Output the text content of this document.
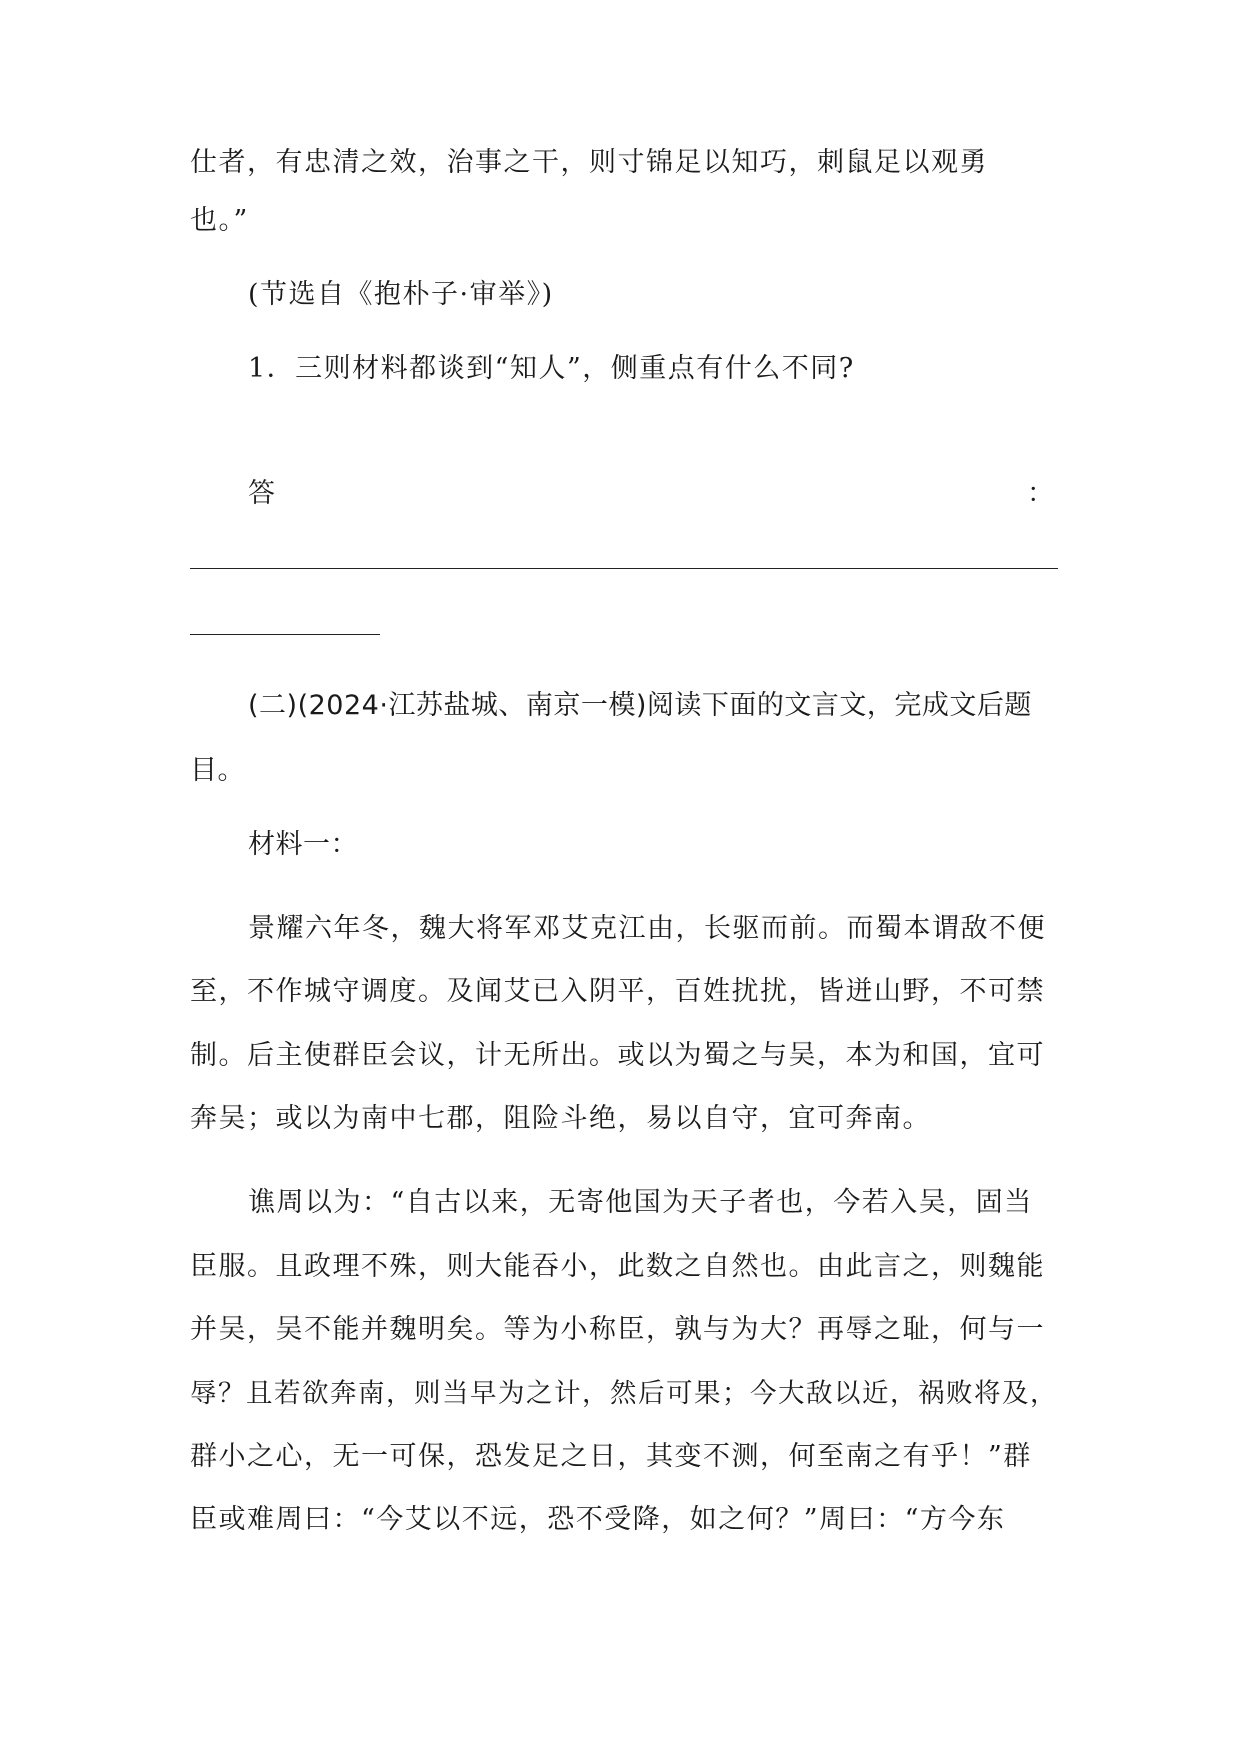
仕者，有忠清之效，治事之干，则寸锦足以知巧，刺鼠足以观勇
也。”
(节选自《抱朴子·审举》)
1．三则材料都谈到“知人”，侧重点有什么不同?
答	：
(二)(2024·江苏盐城、南京一模)阅读下面的文言文，完成文后题
目。
材料一：
景耀六年冬，魏大将军邓艾克江由，长驱而前。而蜀本谓敌不便
至，不作城守调度。及闻艾已入阴平，百姓扰扰，皆迸山野，不可禁
制。后主使群臣会议，计无所出。或以为蜀之与吴，本为和国，宜可
奔吴；或以为南中七郡，阻险斗绝，易以自守，宜可奔南。
谯周以为：“自古以来，无寄他国为天子者也，今若入吴，固当
臣服。且政理不殊，则大能吞小，此数之自然也。由此言之，则魏能
并吴，吴不能并魏明矣。等为小称臣，孰与为大？再辱之耻，何与一
辱？且若欲奔南，则当早为之计，然后可果；今大敌以近，祸败将及，
群小之心，无一可保，恐发足之日，其变不测，何至南之有乎！”群
臣或难周曰：“今艾以不远，恐不受降，如之何？”周曰：“方今东
